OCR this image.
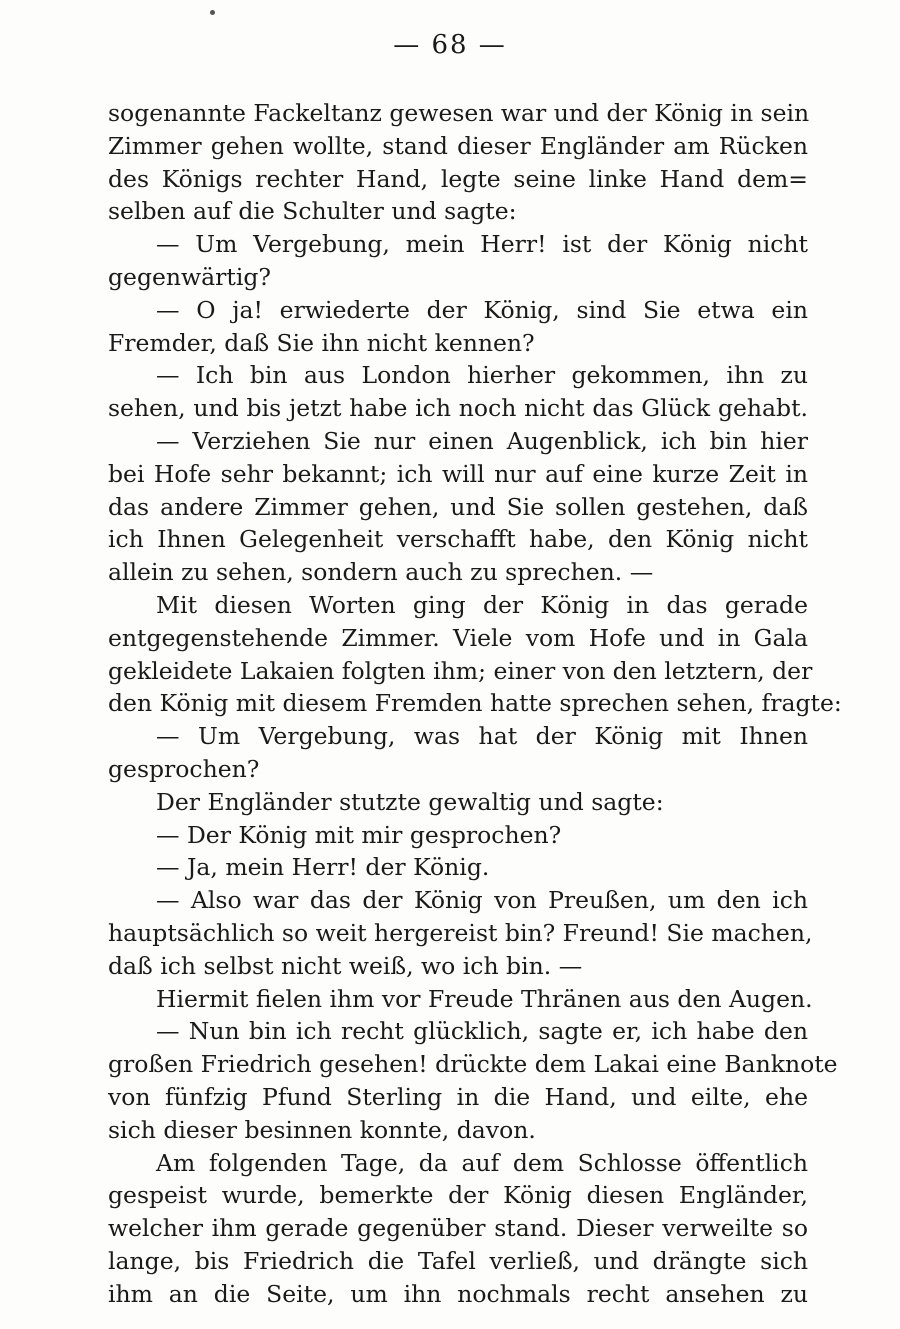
— 68 —
sogenannte Fackeltanz gewesen war und der König in sein
Zimmer gehen wollte, stand dieser Engländer am Rücken
des Königs rechter Hand, legte seine linke Hand dem=
selben auf die Schulter und sagte:
— Um Vergebung, mein Herr! ist der König nicht
gegenwärtig?
— O ja! erwiederte der König, sind Sie etwa ein
Fremder, daß Sie ihn nicht kennen?
— Ich bin aus London hierher gekommen, ihn zu
sehen, und bis jetzt habe ich noch nicht das Glück gehabt.
— Verziehen Sie nur einen Augenblick, ich bin hier
bei Hofe sehr bekannt; ich will nur auf eine kurze Zeit in
das andere Zimmer gehen, und Sie sollen gestehen, daß
ich Ihnen Gelegenheit verschafft habe, den König nicht
allein zu sehen, sondern auch zu sprechen. —
Mit diesen Worten ging der König in das gerade
entgegenstehende Zimmer. Viele vom Hofe und in Gala
gekleidete Lakaien folgten ihm; einer von den letztern, der
den König mit diesem Fremden hatte sprechen sehen, fragte:
— Um Vergebung, was hat der König mit Ihnen
gesprochen?
Der Engländer stutzte gewaltig und sagte:
— Der König mit mir gesprochen?
— Ja, mein Herr! der König.
— Also war das der König von Preußen, um den ich
hauptsächlich so weit hergereist bin? Freund! Sie machen,
daß ich selbst nicht weiß, wo ich bin. —
Hiermit fielen ihm vor Freude Thränen aus den Augen.
— Nun bin ich recht glücklich, sagte er, ich habe den
großen Friedrich gesehen! drückte dem Lakai eine Banknote
von fünfzig Pfund Sterling in die Hand, und eilte, ehe
sich dieser besinnen konnte, davon.
Am folgenden Tage, da auf dem Schlosse öffentlich
gespeist wurde, bemerkte der König diesen Engländer,
welcher ihm gerade gegenüber stand. Dieser verweilte so
lange, bis Friedrich die Tafel verließ, und drängte sich
ihm an die Seite, um ihn nochmals recht ansehen zu
